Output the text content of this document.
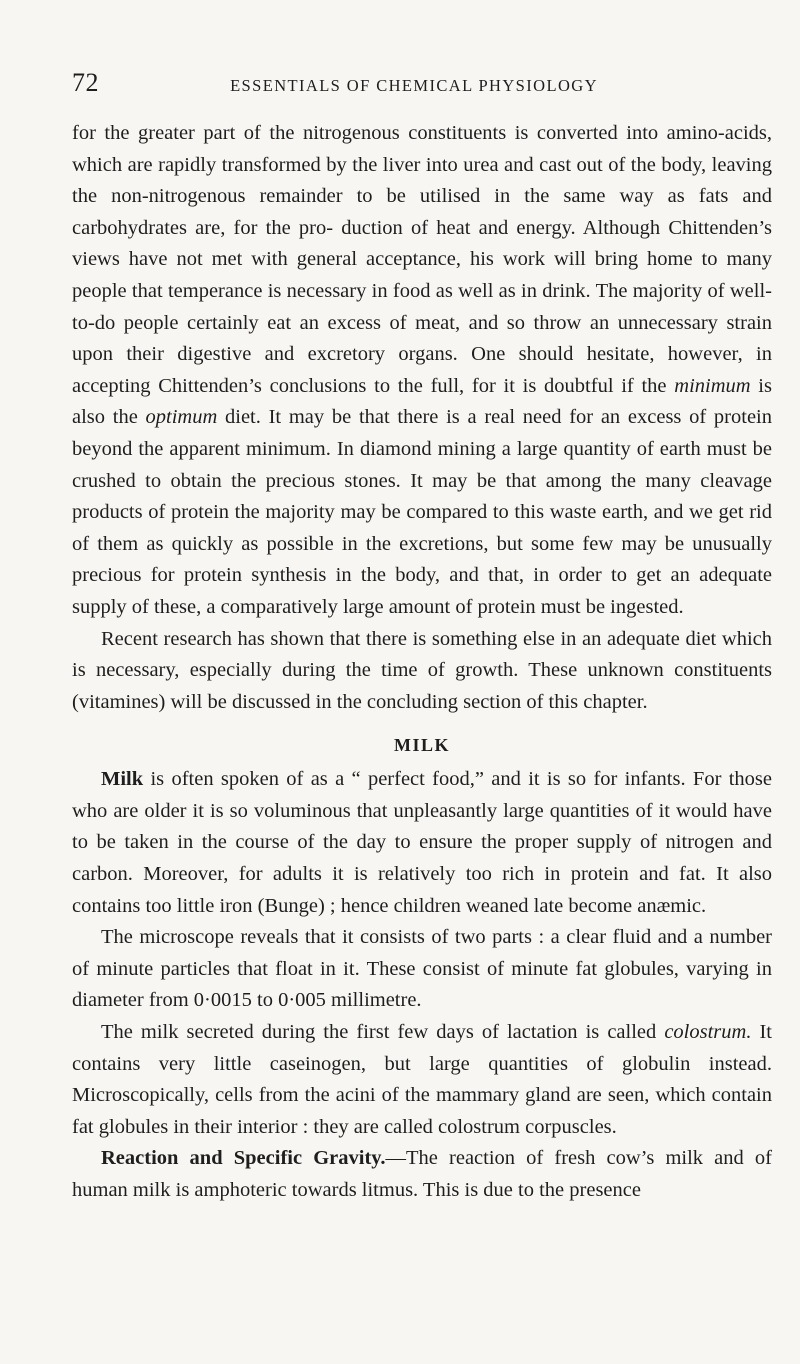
72	ESSENTIALS OF CHEMICAL PHYSIOLOGY

for the greater part of the nitrogenous constituents is converted into amino-acids, which are rapidly transformed by the liver into urea and cast out of the body, leaving the non-nitrogenous remainder to be utilised in the same way as fats and carbohydrates are, for the pro- duction of heat and energy. Although Chittenden’s views have not met with general acceptance, his work will bring home to many people that temperance is necessary in food as well as in drink. The majority of well-to-do people certainly eat an excess of meat, and so throw an unnecessary strain upon their digestive and excretory organs. One should hesitate, however, in accepting Chittenden’s conclusions to the full, for it is doubtful if the minimum is also the optimum diet. It may be that there is a real need for an excess of protein beyond the apparent minimum. In diamond mining a large quantity of earth must be crushed to obtain the precious stones. It may be that among the many cleavage products of protein the majority may be compared to this waste earth, and we get rid of them as quickly as possible in the excretions, but some few may be unusually precious for protein synthesis in the body, and that, in order to get an adequate supply of these, a comparatively large amount of protein must be ingested.

Recent research has shown that there is something else in an adequate diet which is necessary, especially during the time of growth. These unknown constituents (vitamines) will be discussed in the concluding section of this chapter.

MILK

Milk is often spoken of as a “ perfect food,” and it is so for infants. For those who are older it is so voluminous that unpleasantly large quantities of it would have to be taken in the course of the day to ensure the proper supply of nitrogen and carbon. Moreover, for adults it is relatively too rich in protein and fat. It also contains too little iron (Bunge) ; hence children weaned late become anæmic.

The microscope reveals that it consists of two parts : a clear fluid and a number of minute particles that float in it. These consist of minute fat globules, varying in diameter from 0·0015 to 0·005 millimetre.

The milk secreted during the first few days of lactation is called colostrum. It contains very little caseinogen, but large quantities of globulin instead. Microscopically, cells from the acini of the mammary gland are seen, which contain fat globules in their interior : they are called colostrum corpuscles.

Reaction and Specific Gravity.—The reaction of fresh cow’s milk and of human milk is amphoteric towards litmus. This is due to the presence
